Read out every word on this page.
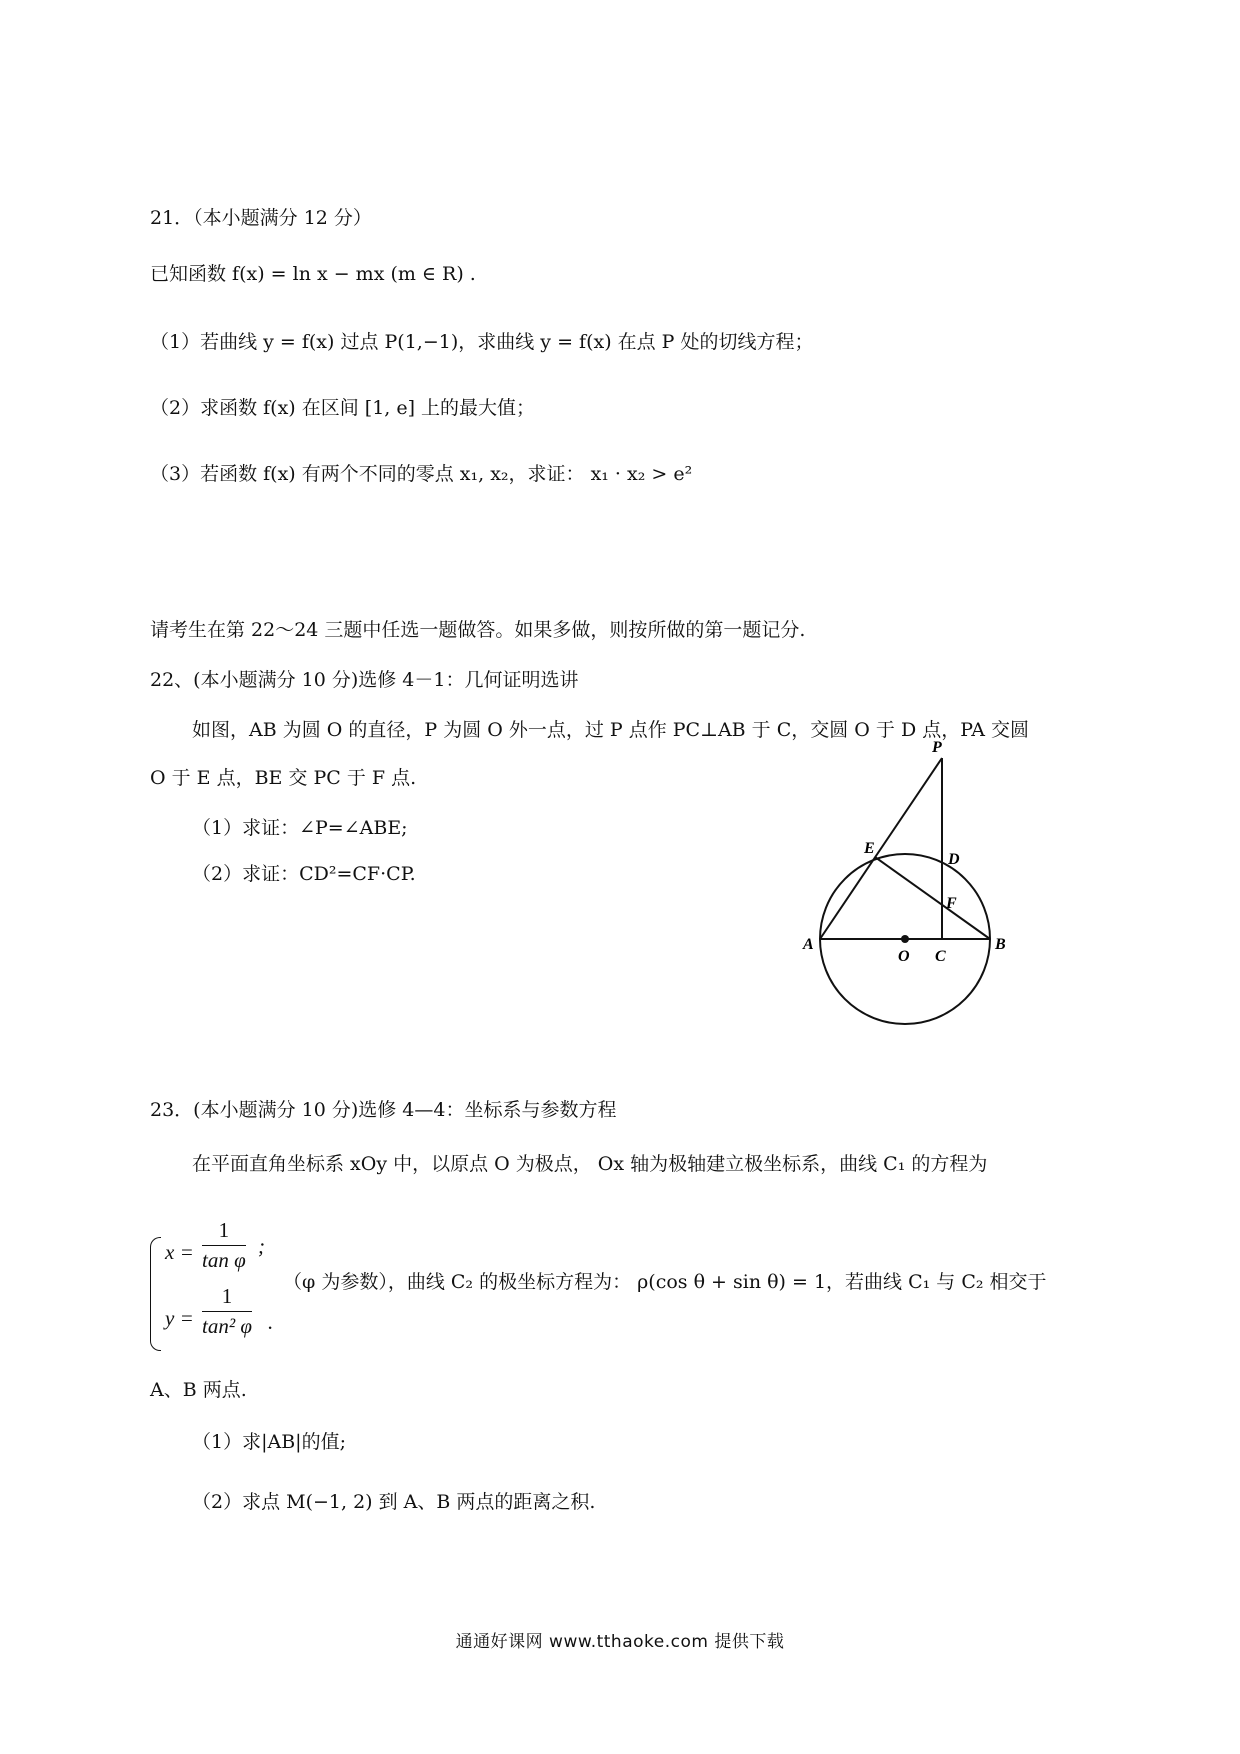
21．（本小题满分 12 分）
已知函数 f(x) = ln x − mx (m ∈ R) .
（1）若曲线 y = f(x) 过点 P(1,−1)，求曲线 y = f(x) 在点 P 处的切线方程；
（2）求函数 f(x) 在区间 [1, e] 上的最大值；
（3）若函数 f(x) 有两个不同的零点 x₁, x₂，求证： x₁ · x₂ > e²
请考生在第 22～24 三题中任选一题做答。如果多做，则按所做的第一题记分.
22、(本小题满分 10 分)选修 4－1：几何证明选讲
如图，AB 为圆 O 的直径，P 为圆 O 外一点，过 P 点作 PC⊥AB 于 C，交圆 O 于 D 点，PA 交圆
O 于 E 点，BE 交 PC 于 F 点.
（1）求证：∠P=∠ABE;
（2）求证：CD²=CF·CP.
P
E
D
F
A
O C
B
23．(本小题满分 10 分)选修 4—4：坐标系与参数方程
在平面直角坐标系 xOy 中，以原点 O 为极点， Ox 轴为极轴建立极坐标系，曲线 C₁ 的方程为
$x = \frac{1}{\text{tan φ}}$ ;
$y = \frac{1}{\text{tan² φ}}$ .
（φ 为参数），曲线 C₂ 的极坐标方程为： ρ(cos θ + sin θ) = 1，若曲线 C₁ 与 C₂ 相交于
A、B 两点.
（1）求|AB|的值;
（2）求点 M(−1, 2) 到 A、B 两点的距离之积.
通通好课网 www.tthaoke.com 提供下载
